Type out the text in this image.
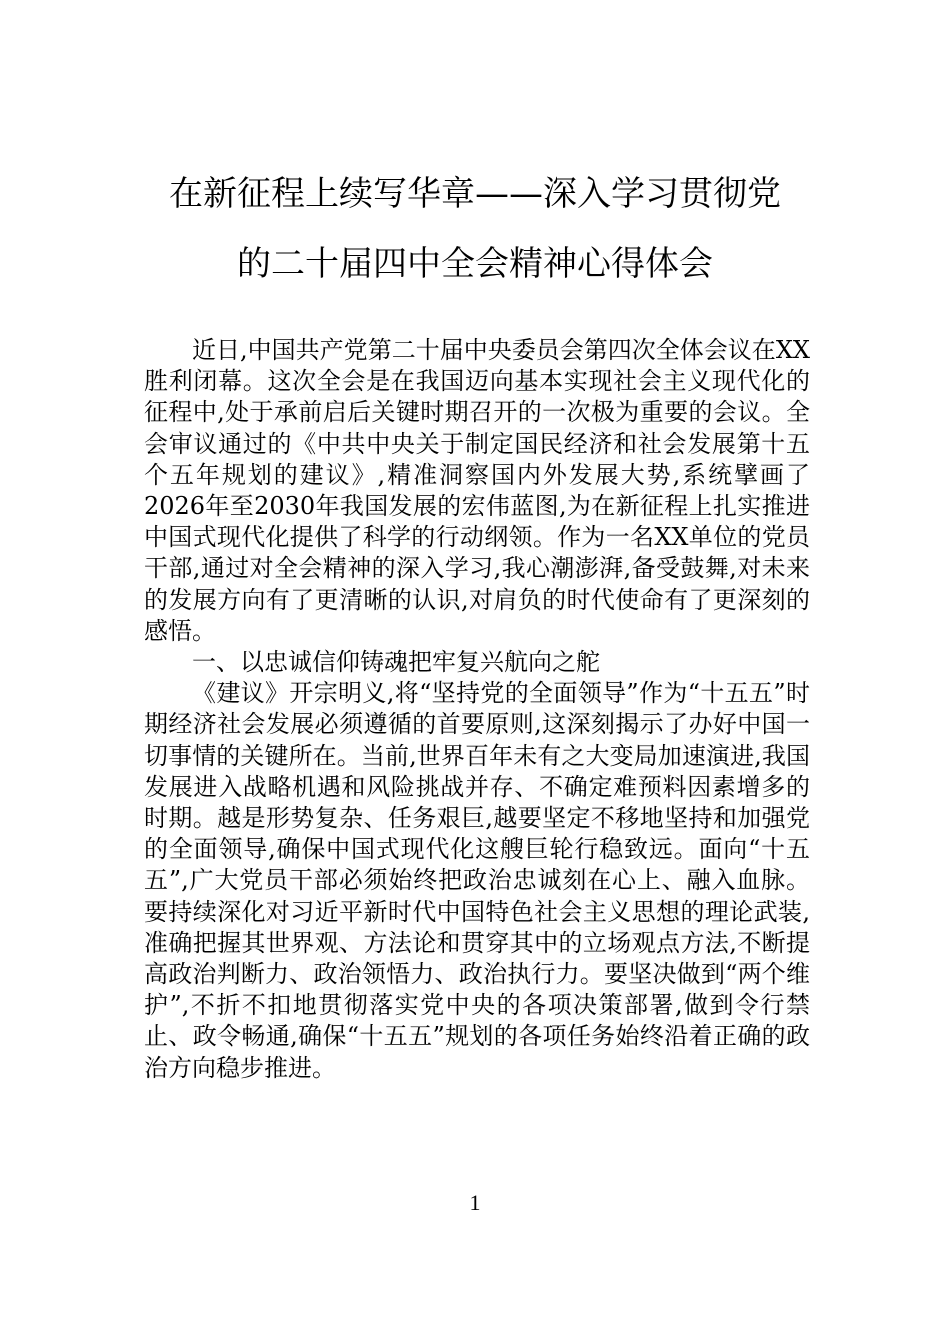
在新征程上续写华章——深入学习贯彻党
的二十届四中全会精神心得体会

近日,中国共产党第二十届中央委员会第四次全体会议在XX胜利闭幕。这次全会是在我国迈向基本实现社会主义现代化的征程中,处于承前启后关键时期召开的一次极为重要的会议。全会审议通过的《中共中央关于制定国民经济和社会发展第十五个五年规划的建议》,精准洞察国内外发展大势,系统擘画了2026年至2030年我国发展的宏伟蓝图,为在新征程上扎实推进中国式现代化提供了科学的行动纲领。作为一名XX单位的党员干部,通过对全会精神的深入学习,我心潮澎湃,备受鼓舞,对未来的发展方向有了更清晰的认识,对肩负的时代使命有了更深刻的感悟。

一、以忠诚信仰铸魂把牢复兴航向之舵

《建议》开宗明义,将“坚持党的全面领导”作为“十五五”时期经济社会发展必须遵循的首要原则,这深刻揭示了办好中国一切事情的关键所在。当前,世界百年未有之大变局加速演进,我国发展进入战略机遇和风险挑战并存、不确定难预料因素增多的时期。越是形势复杂、任务艰巨,越要坚定不移地坚持和加强党的全面领导,确保中国式现代化这艘巨轮行稳致远。面向“十五五”,广大党员干部必须始终把政治忠诚刻在心上、融入血脉。要持续深化对习近平新时代中国特色社会主义思想的理论武装,准确把握其世界观、方法论和贯穿其中的立场观点方法,不断提高政治判断力、政治领悟力、政治执行力。要坚决做到“两个维护”,不折不扣地贯彻落实党中央的各项决策部署,做到令行禁止、政令畅通,确保“十五五”规划的各项任务始终沿着正确的政治方向稳步推进。

1
